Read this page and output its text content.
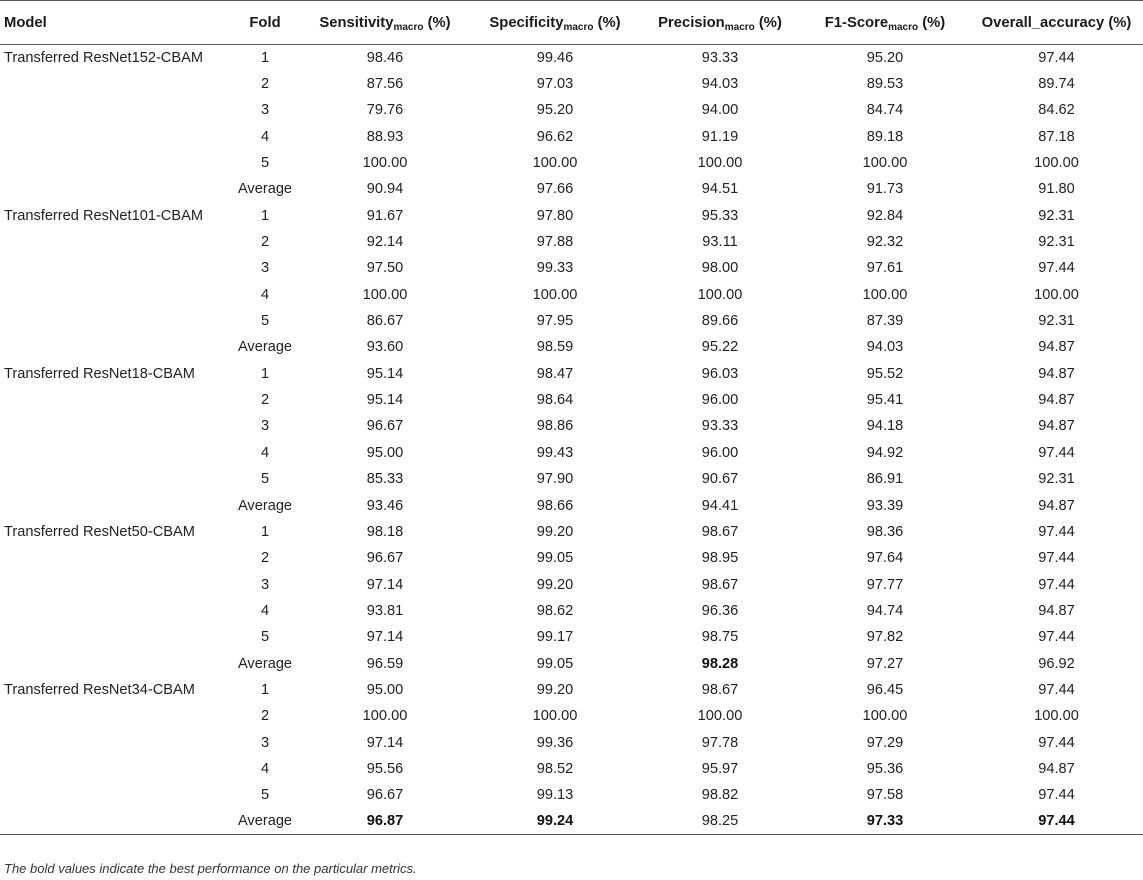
Model	Fold	Sensitivity$_{macro}$ (%)	Specificity$_{macro}$ (%)	Precision$_{macro}$ (%)	F1-Score$_{macro}$ (%)	Overall_accuracy (%)
Transferred ResNet152-CBAM	1	98.46	99.46	93.33	95.20	97.44
	2	87.56	97.03	94.03	89.53	89.74
	3	79.76	95.20	94.00	84.74	84.62
	4	88.93	96.62	91.19	89.18	87.18
	5	100.00	100.00	100.00	100.00	100.00
	Average	90.94	97.66	94.51	91.73	91.80
Transferred ResNet101-CBAM	1	91.67	97.80	95.33	92.84	92.31
	2	92.14	97.88	93.11	92.32	92.31
	3	97.50	99.33	98.00	97.61	97.44
	4	100.00	100.00	100.00	100.00	100.00
	5	86.67	97.95	89.66	87.39	92.31
	Average	93.60	98.59	95.22	94.03	94.87
Transferred ResNet18-CBAM	1	95.14	98.47	96.03	95.52	94.87
	2	95.14	98.64	96.00	95.41	94.87
	3	96.67	98.86	93.33	94.18	94.87
	4	95.00	99.43	96.00	94.92	97.44
	5	85.33	97.90	90.67	86.91	92.31
	Average	93.46	98.66	94.41	93.39	94.87
Transferred ResNet50-CBAM	1	98.18	99.20	98.67	98.36	97.44
	2	96.67	99.05	98.95	97.64	97.44
	3	97.14	99.20	98.67	97.77	97.44
	4	93.81	98.62	96.36	94.74	94.87
	5	97.14	99.17	98.75	97.82	97.44
	Average	96.59	99.05	98.28	97.27	96.92
Transferred ResNet34-CBAM	1	95.00	99.20	98.67	96.45	97.44
	2	100.00	100.00	100.00	100.00	100.00
	3	97.14	99.36	97.78	97.29	97.44
	4	95.56	98.52	95.97	95.36	94.87
	5	96.67	99.13	98.82	97.58	97.44
	Average	96.87	99.24	98.25	97.33	97.44
The bold values indicate the best performance on the particular metrics.
